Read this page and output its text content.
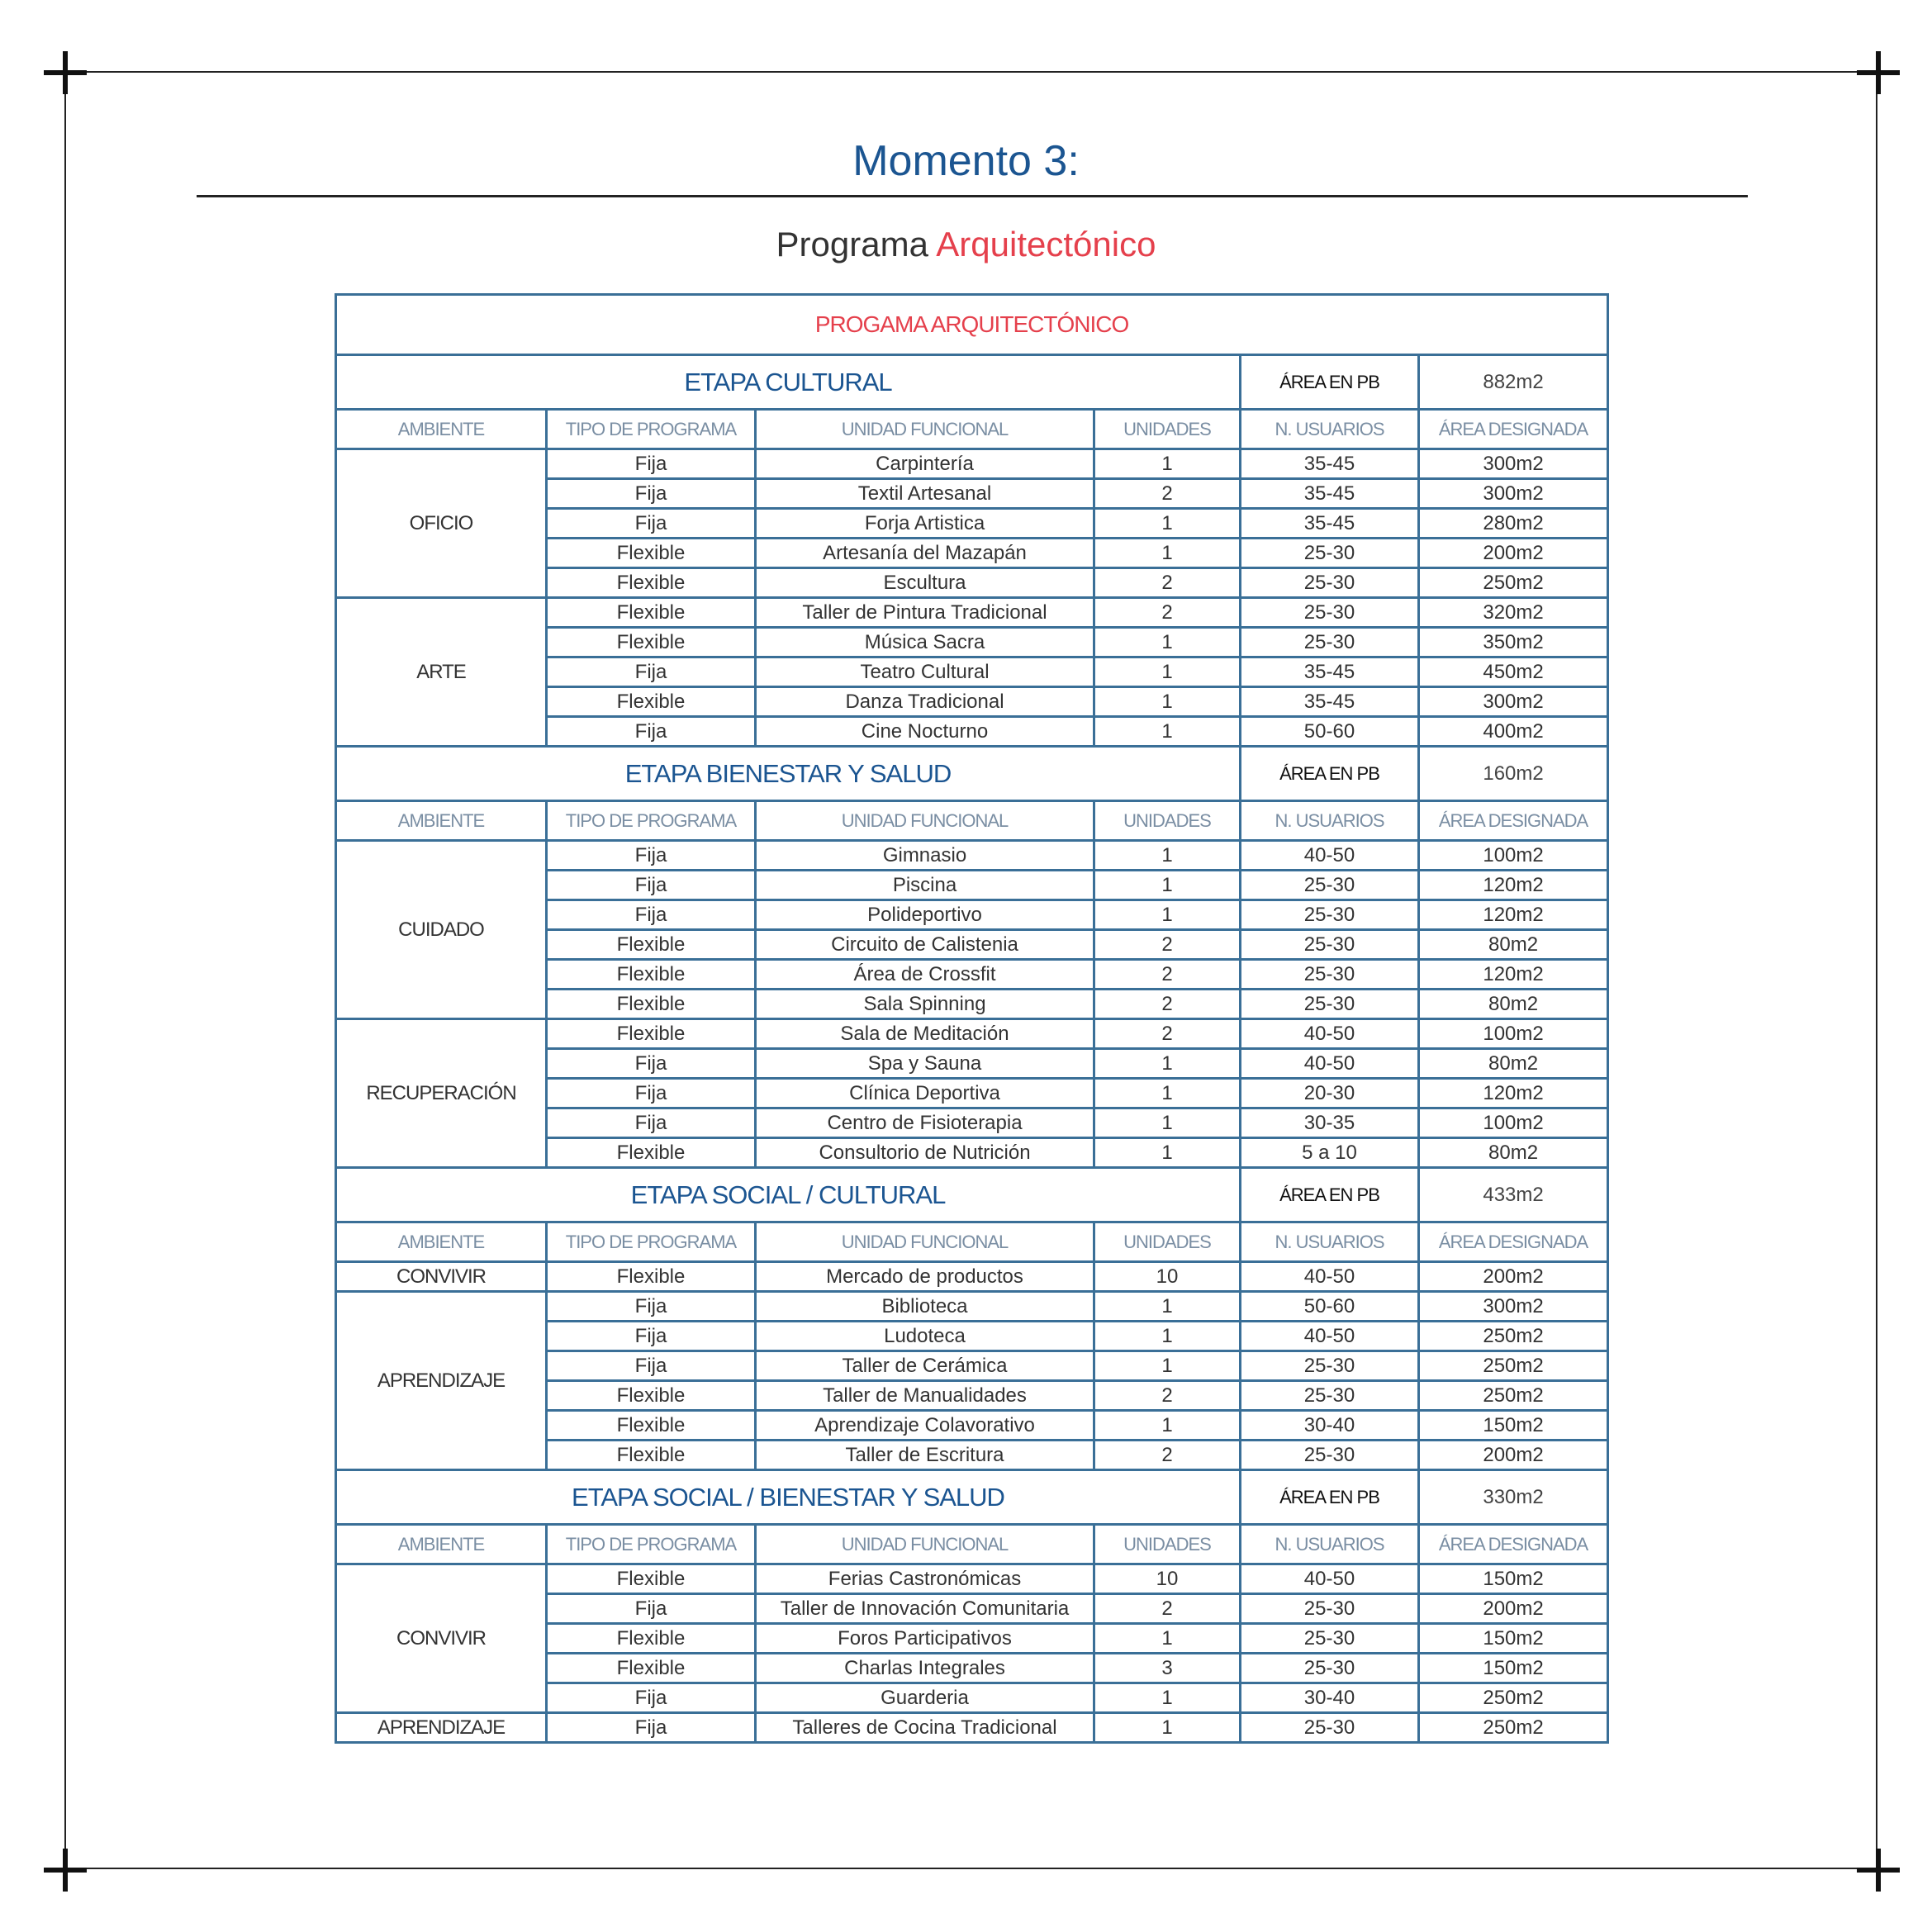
Momento 3:
Programa Arquitectónico
PROGAMA ARQUITECTÓNICO					
ETAPA CULTURAL				ÁREA EN PB	882m2
AMBIENTE	TIPO DE PROGRAMA	UNIDAD FUNCIONAL	UNIDADES	N. USUARIOS	ÁREA DESIGNADA
OFICIO	Fija	Carpintería	1	35-45	300m2
	Fija	Textil Artesanal	2	35-45	300m2
	Fija	Forja Artistica	1	35-45	280m2
	Flexible	Artesanía del Mazapán	1	25-30	200m2
	Flexible	Escultura	2	25-30	250m2
ARTE	Flexible	Taller de Pintura Tradicional	2	25-30	320m2
	Flexible	Música Sacra	1	25-30	350m2
	Fija	Teatro Cultural	1	35-45	450m2
	Flexible	Danza Tradicional	1	35-45	300m2
	Fija	Cine Nocturno	1	50-60	400m2
ETAPA BIENESTAR Y SALUD				ÁREA EN PB	160m2
AMBIENTE	TIPO DE PROGRAMA	UNIDAD FUNCIONAL	UNIDADES	N. USUARIOS	ÁREA DESIGNADA
CUIDADO	Fija	Gimnasio	1	40-50	100m2
	Fija	Piscina	1	25-30	120m2
	Fija	Polideportivo	1	25-30	120m2
	Flexible	Circuito de Calistenia	2	25-30	80m2
	Flexible	Área de Crossfit	2	25-30	120m2
	Flexible	Sala Spinning	2	25-30	80m2
RECUPERACIÓN	Flexible	Sala de Meditación	2	40-50	100m2
	Fija	Spa y Sauna	1	40-50	80m2
	Fija	Clínica Deportiva	1	20-30	120m2
	Fija	Centro de Fisioterapia	1	30-35	100m2
	Flexible	Consultorio de Nutrición	1	5 a 10	80m2
ETAPA SOCIAL / CULTURAL				ÁREA EN PB	433m2
AMBIENTE	TIPO DE PROGRAMA	UNIDAD FUNCIONAL	UNIDADES	N. USUARIOS	ÁREA DESIGNADA
CONVIVIR	Flexible	Mercado de productos	10	40-50	200m2
APRENDIZAJE	Fija	Biblioteca	1	50-60	300m2
	Fija	Ludoteca	1	40-50	250m2
	Fija	Taller de Cerámica	1	25-30	250m2
	Flexible	Taller de Manualidades	2	25-30	250m2
	Flexible	Aprendizaje Colavorativo	1	30-40	150m2
	Flexible	Taller de Escritura	2	25-30	200m2
ETAPA SOCIAL / BIENESTAR Y SALUD				ÁREA EN PB	330m2
AMBIENTE	TIPO DE PROGRAMA	UNIDAD FUNCIONAL	UNIDADES	N. USUARIOS	ÁREA DESIGNADA
CONVIVIR	Flexible	Ferias Castronómicas	10	40-50	150m2
	Fija	Taller de Innovación Comunitaria	2	25-30	200m2
	Flexible	Foros Participativos	1	25-30	150m2
	Flexible	Charlas Integrales	3	25-30	150m2
	Fija	Guarderia	1	30-40	250m2
APRENDIZAJE	Fija	Talleres de Cocina Tradicional	1	25-30	250m2
